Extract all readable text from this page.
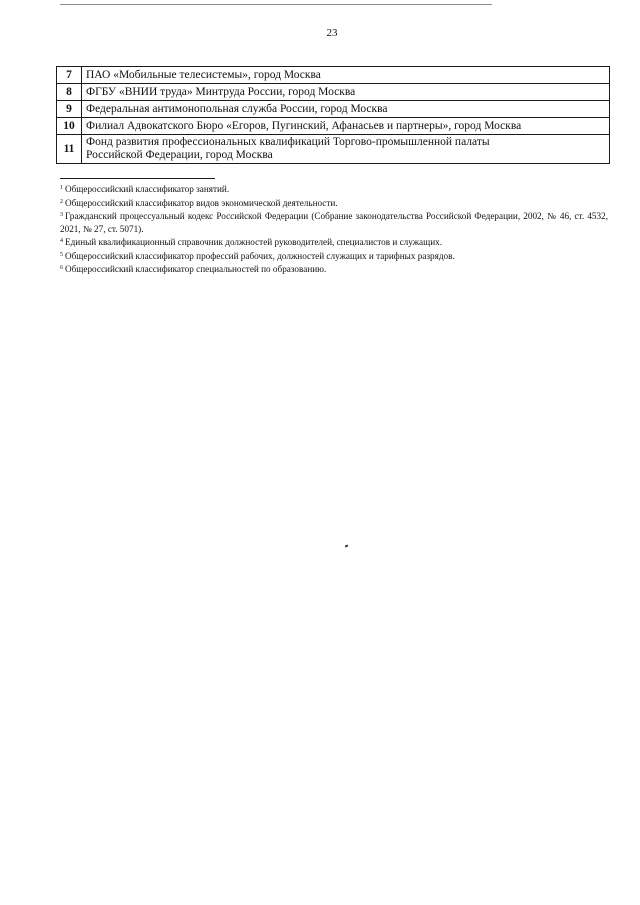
23
7	ПАО «Мобильные телесистемы», город Москва
8	ФГБУ «ВНИИ труда» Минтруда России, город Москва
9	Федеральная антимонопольная служба России, город Москва
10	Филиал Адвокатского Бюро «Егоров, Пугинский, Афанасьев и партнеры», город Москва
11	Фонд развития профессиональных квалификаций Торгово-промышленной палаты
Российской Федерации, город Москва

$^1$ Общероссийский классификатор занятий.

$^2$ Общероссийский классификатор видов экономической деятельности.

$^3$ Гражданский процессуальный кодекс Российской Федерации (Собрание законодательства Российской Федерации, 2002, № 46, ст. 4532, 2021, № 27, ст. 5071).

$^4$ Единый квалификационный справочник должностей руководителей, специалистов и служащих.

$^5$ Общероссийский классификатор профессий рабочих, должностей служащих и тарифных разрядов.

$^6$ Общероссийский классификатор специальностей по образованию.
